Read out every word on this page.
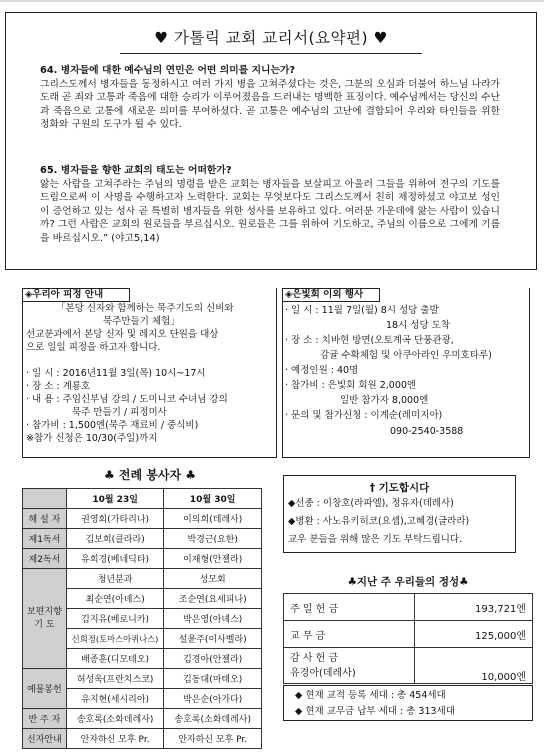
♥ 가톨릭 교회 교리서(요약편) ♥
64. 병자들에 대한 예수님의 연민은 어떤 의미를 지니는가?
그리스도께서 병자들을 동정하시고 여러 가지 병을 고쳐주셨다는 것은, 그분의 오심과 더불어 하느님 나라가 도래 곧 죄와 고통과 죽음에 대한 승리가 이루어졌음을 드러내는 명백한 표징이다. 예수님께서는 당신의 수난과 죽음으로 고통에 새로운 의미를 부여하셨다. 곧 고통은 예수님의 고난에 결합되어 우리와 타인들을 위한 정화와 구원의 도구가 될 수 있다.
65. 병자들을 향한 교회의 태도는 어떠한가?
앓는 사람을 고쳐주라는 주님의 명령을 받은 교회는 병자들을 보살피고 아울러 그들을 위하여 전구의 기도를 드림으로써 이 사명을 수행하고자 노력한다. 교회는 무엇보다도 그리스도께서 친히 제정하셨고 야고보 성인이 증언하고 있는 성사 곧 특별히 병자들을 위한 성사를 보유하고 있다. 여러분 가운데에 앓는 사람이 있습니까? 그런 사람은 교회의 원로들을 부르십시오. 원로들은 그를 위하여 기도하고, 주님의 이름으로 그에게 기름을 바르십시오.” (야고5,14)
◈우리아 피정 안내
「본당 신자와 함께하는 묵주기도의 신비와
묵주만들기 체험」
선교분과에서 본당 신자 및 레지오 단원을 대상
으로 일일 피정을 하고자 합니다.
· 일 시 : 2016년11월 3일(목) 10시~17시
· 장 소 : 계룡호
· 내 용 : 주임신부님 강의 / 도미니코 수녀님 강의
묵주 만들기 / 피정미사
· 참가비 : 1,500엔(묵주 재료비 / 중식비)
※참가 신청은 10/30(주일)까지
◈은빛회 이외 행사
· 일 시 : 11월 7일(월) 8시 성당 출발
18시 성당 도착
· 장 소 : 치바현 방면(오토계곡 단풍관광,
감귤 수확체험 및 아쿠아라인 우미호타루)
· 예정인원 : 40명
· 참가비 : 은빛회 회원 2,000엔
일반 참가자 8,000엔
· 문의 및 참가신청 : 이계순(레미지아)
090-2540-3588
♣ 전례 봉사자 ♣
	10월 23일	10월 30일
해 설 자	권영회(가타리나)	이의희(데레사)
제1독서	김보희(클라라)	박경근(요한)
제2독서	유희경(베네딕타)	이재형(안젤라)
보편지향 기 도	청년분과	성모회
	최순연(아녜스)	조순연(요세피나)
	김지유(베로니카)	박은영(아녜스)
	신희정(토마스아퀴나스)	설윤주(이사벨라)
	배종훈(디모테오)	김경아(안젤라)
예물봉헌	허성욱(프란치스코)	김동대(마태오)
	유지현(세시리아)	박은순(아가다)
반 주 자	송호록(소화데레사)	송호록(소화데레사)
신자안내	안자하신 모후 Pr.	안자하신 모후 Pr.
† 기도합시다
◆선종 : 이창호(라파엘), 정유자(데레사)
◆병환 : 사노유키히코(요셉),고혜경(글라라)
교우 분들을 위해 많은 기도 부탁드립니다.
♣지난 주 우리들의 정성♣
주 일 헌 금	193,721엔
교 무 금	125,000엔
감 사 헌 금
유경아(데레사)	10,000엔
◆ 현재 교적 등록 세대 : 총 454세대
◆ 현재 교무금 납부 세대 : 총 313세대
